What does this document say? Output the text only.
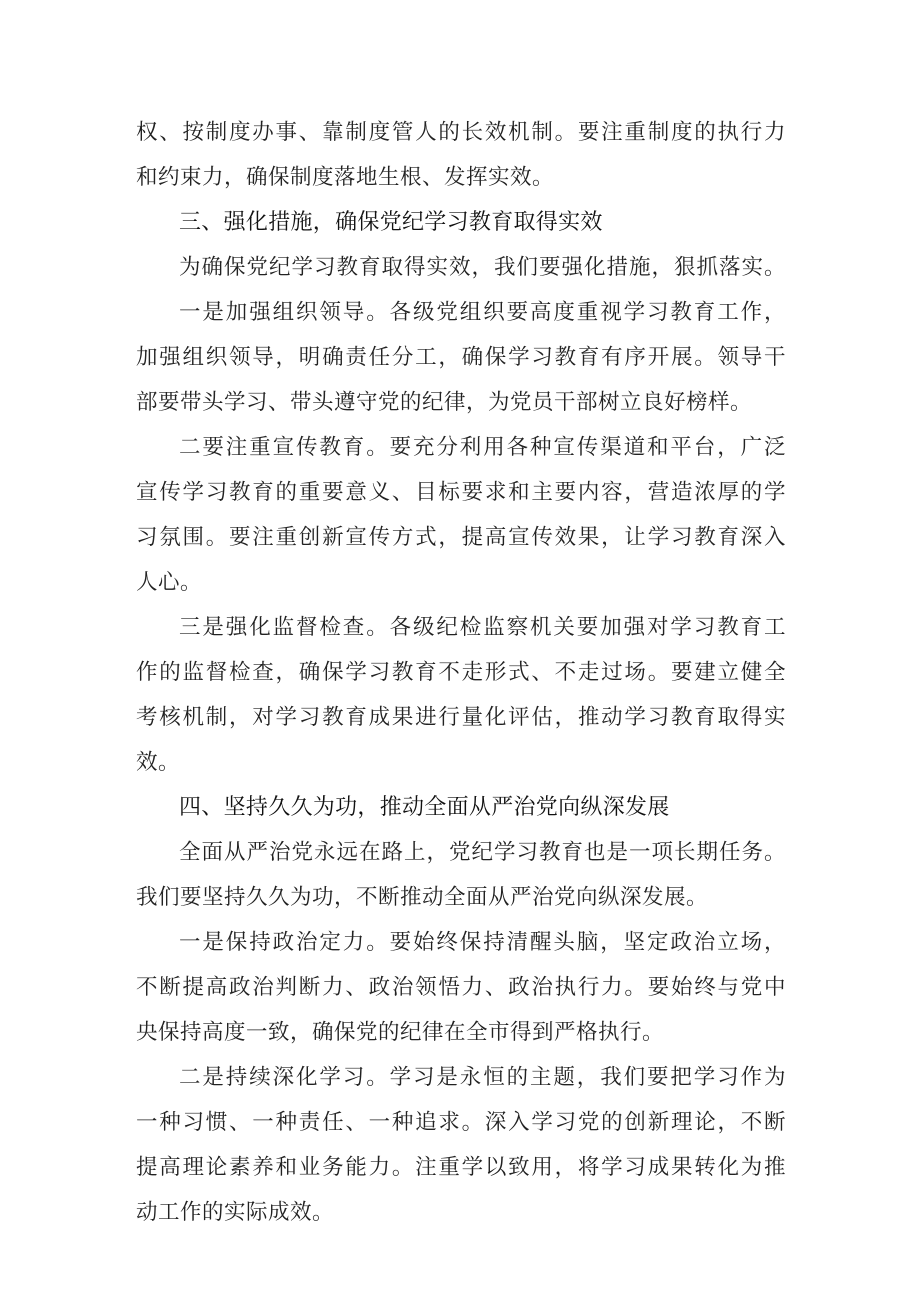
权、按制度办事、靠制度管人的长效机制。要注重制度的执行力
和约束力，确保制度落地生根、发挥实效。
三、强化措施，确保党纪学习教育取得实效
为确保党纪学习教育取得实效，我们要强化措施，狠抓落实。
一是加强组织领导。各级党组织要高度重视学习教育工作，
加强组织领导，明确责任分工，确保学习教育有序开展。领导干
部要带头学习、带头遵守党的纪律，为党员干部树立良好榜样。
二要注重宣传教育。要充分利用各种宣传渠道和平台，广泛
宣传学习教育的重要意义、目标要求和主要内容，营造浓厚的学
习氛围。要注重创新宣传方式，提高宣传效果，让学习教育深入
人心。
三是强化监督检查。各级纪检监察机关要加强对学习教育工
作的监督检查，确保学习教育不走形式、不走过场。要建立健全
考核机制，对学习教育成果进行量化评估，推动学习教育取得实
效。
四、坚持久久为功，推动全面从严治党向纵深发展
全面从严治党永远在路上，党纪学习教育也是一项长期任务。
我们要坚持久久为功，不断推动全面从严治党向纵深发展。
一是保持政治定力。要始终保持清醒头脑，坚定政治立场，
不断提高政治判断力、政治领悟力、政治执行力。要始终与党中
央保持高度一致，确保党的纪律在全市得到严格执行。
二是持续深化学习。学习是永恒的主题，我们要把学习作为
一种习惯、一种责任、一种追求。深入学习党的创新理论，不断
提高理论素养和业务能力。注重学以致用，将学习成果转化为推
动工作的实际成效。
